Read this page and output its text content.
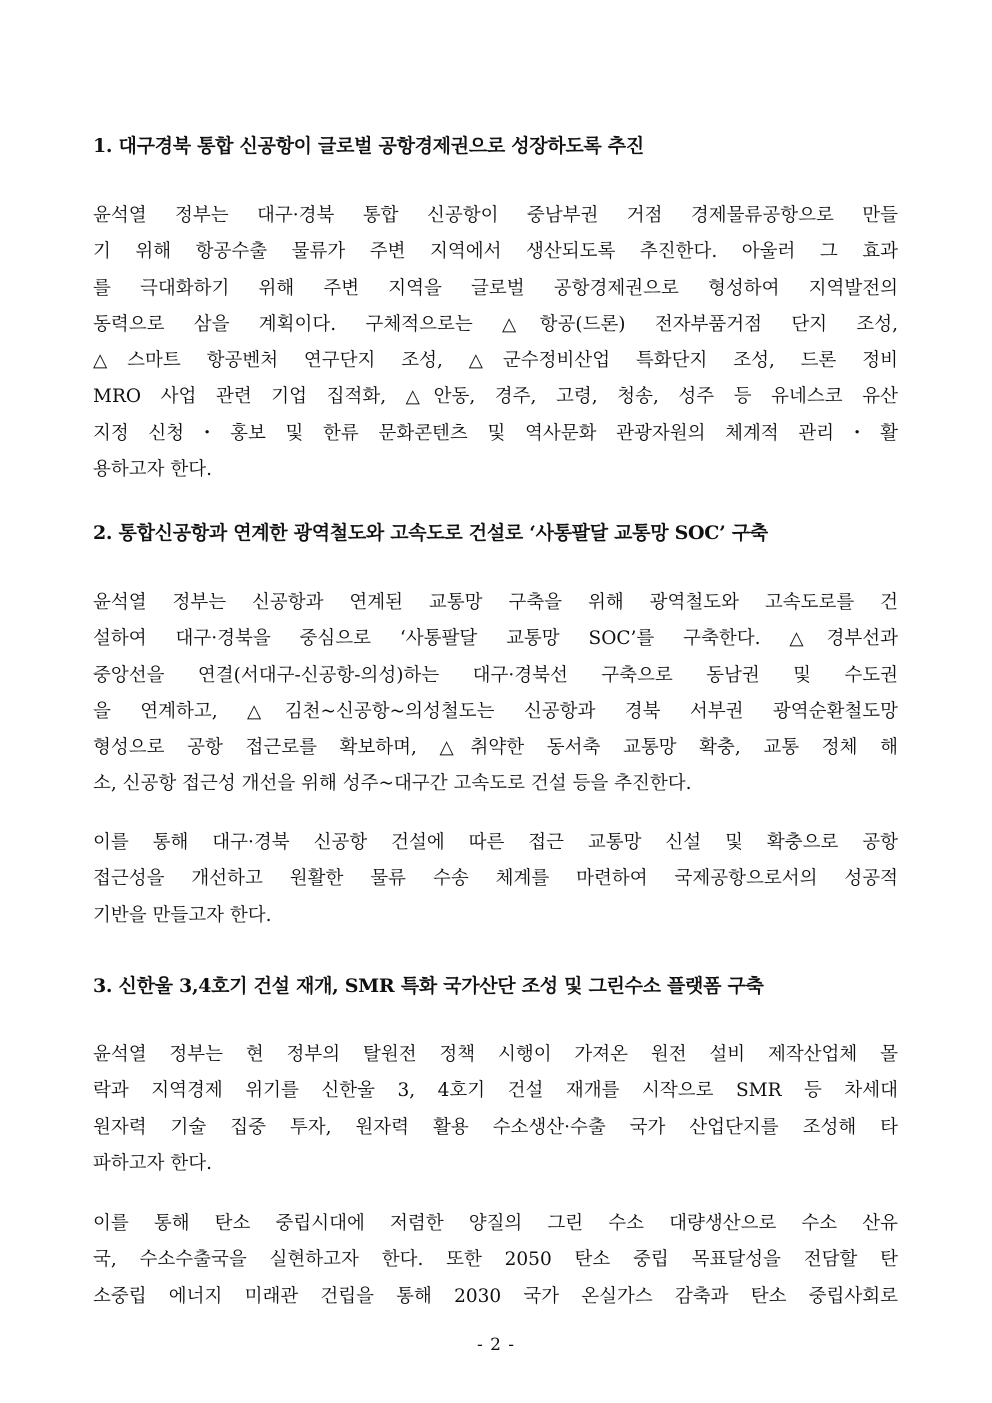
1. 대구경북 통합 신공항이 글로벌 공항경제권으로 성장하도록 추진
윤석열 정부는 대구·경북 통합 신공항이 중남부권 거점 경제물류공항으로 만들
기 위해 항공수출 물류가 주변 지역에서 생산되도록 추진한다. 아울러 그 효과
를 극대화하기 위해 주변 지역을 글로벌 공항경제권으로 형성하여 지역발전의
동력으로 삼을 계획이다. 구체적으로는 △항공(드론) 전자부품거점 단지 조성,
△스마트 항공벤처 연구단지 조성, △군수정비산업 특화단지 조성, 드론 정비
MRO 사업 관련 기업 집적화, △안동, 경주, 고령, 청송, 성주 등 유네스코 유산
지정 신청・홍보 및 한류 문화콘텐츠 및 역사문화 관광자원의 체계적 관리・활
용하고자 한다.
2. 통합신공항과 연계한 광역철도와 고속도로 건설로 ‘사통팔달 교통망 SOC’ 구축
윤석열 정부는 신공항과 연계된 교통망 구축을 위해 광역철도와 고속도로를 건
설하여 대구·경북을 중심으로 ‘사통팔달 교통망 SOC’를 구축한다. △경부선과
중앙선을 연결(서대구-신공항-의성)하는 대구·경북선 구축으로 동남권 및 수도권
을 연계하고, △김천~신공항~의성철도는 신공항과 경북 서부권 광역순환철도망
형성으로 공항 접근로를 확보하며, △취약한 동서축 교통망 확충, 교통 정체 해
소, 신공항 접근성 개선을 위해 성주~대구간 고속도로 건설 등을 추진한다.
이를 통해 대구·경북 신공항 건설에 따른 접근 교통망 신설 및 확충으로 공항
접근성을 개선하고 원활한 물류 수송 체계를 마련하여 국제공항으로서의 성공적
기반을 만들고자 한다.
3. 신한울 3,4호기 건설 재개, SMR 특화 국가산단 조성 및 그린수소 플랫폼 구축
윤석열 정부는 현 정부의 탈원전 정책 시행이 가져온 원전 설비 제작산업체 몰
락과 지역경제 위기를 신한울 3, 4호기 건설 재개를 시작으로 SMR 등 차세대
원자력 기술 집중 투자, 원자력 활용 수소생산·수출 국가 산업단지를 조성해 타
파하고자 한다.
이를 통해 탄소 중립시대에 저렴한 양질의 그린 수소 대량생산으로 수소 산유
국, 수소수출국을 실현하고자 한다. 또한 2050 탄소 중립 목표달성을 전담할 탄
소중립 에너지 미래관 건립을 통해 2030 국가 온실가스 감축과 탄소 중립사회로
- 2 -
